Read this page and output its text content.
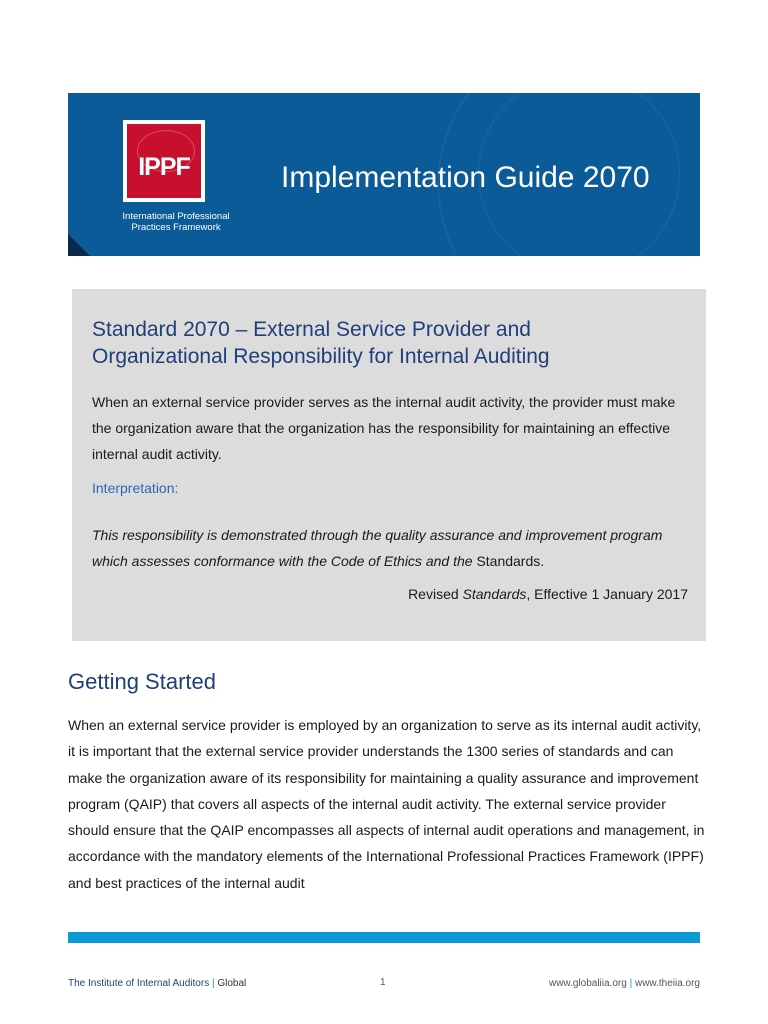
IPPF
International Professional
Practices Framework
Implementation Guide 2070
Standard 2070 – External Service Provider and
Organizational Responsibility for Internal Auditing
When an external service provider serves as the internal audit activity, the provider must make the organization aware that the organization has the responsibility for maintaining an effective internal audit activity.
Interpretation:
This responsibility is demonstrated through the quality assurance and improvement program which assesses conformance with the Code of Ethics and the Standards.
Revised Standards, Effective 1 January 2017
Getting Started
When an external service provider is employed by an organization to serve as its internal audit activity, it is important that the external service provider understands the 1300 series of standards and can make the organization aware of its responsibility for maintaining a quality assurance and improvement program (QAIP) that covers all aspects of the internal audit activity. The external service provider should ensure that the QAIP encompasses all aspects of internal audit operations and management, in accordance with the mandatory elements of the International Professional Practices Framework (IPPF) and best practices of the internal audit
The Institute of Internal Auditors | Global	1	www.globaliia.org | www.theiia.org
